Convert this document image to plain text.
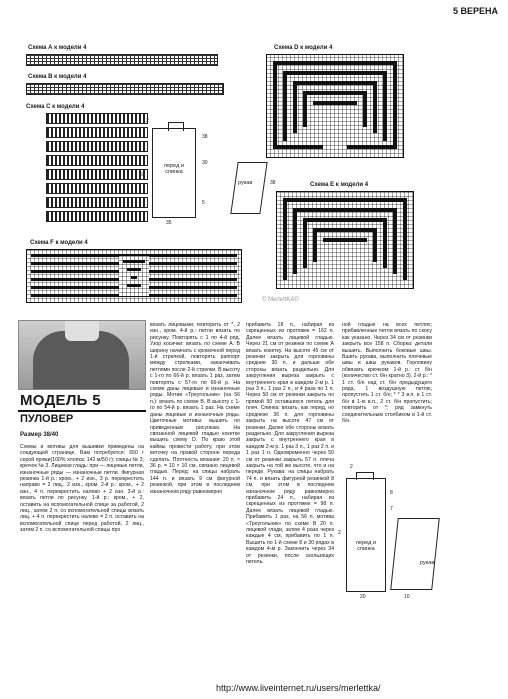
5 ВЕРЕНА
Схема А к модели 4
Схема В к модели 4
Схема С к модели 4
перед и спинка
рукав
2
38
30
67
5
35
38
Схема D к модели 4
Схема Е к модели 4
Схема F к модели 4
© MerlettKA©
МОДЕЛЬ 5
ПУЛОВЕР
Размер 38/40

Схемы и мотивы для вышивки приведены на следующей странице. Вам потребуется: 650 г серой пряжи(100% хлопка; 142 м/50 г); спицы № 3; крючок № 3. Лицевая гладь: при — лицевые петли, изнаночные ряды — изнаночные петли. Фигурная резинка 1-й р.: кром., + 2 изн., 3 р. перекрестить направо = 2 лиц., 2 изн., кром. 2-й р.: кром., + 2 изн., 4 п. перекрестить налево + 2 изн. 3-й р.: вязать петли по рисунку. 1-й р.: кром., + 2, оставить на вспомогательной спице за работой, 2 лиц., затем 2 п. со вспомогательной спицы вязать лиц. + 4 п. перекрестить налево = 2 п. оставить на вспомогательной спице перед работой, 2 лиц., затем 2 п. со вспомогательной спицы про

вязать лицевыми; повторить от *, 2 изн., кром. 4-й р.: петли вязать по рисунку. Повторять с 1 по 4-й ряд. Узор косички: вязать по схеме А. В ширину начинать с кромочной перед 1-й стрелкой, повторять раппорт между стрелками, заканчивать петлями после 2-й стрелки. В высоту с 1-го по 66-й р. вязать 1 раз, затем повторять с 57-го по 66-й р. На схеме даны лицевые и изнаночные ряды. Мотив «Треугольник» (на 56 п.): вязать по схеме В. В высоту с 1-го по 54-й р. вязать 1 раз. На схеме даны лицевые и изнаночные ряды. Цветочные мотивы: вышить по приведенным рисункам. На связанной лицевой гладью кокетке вышить схему D. По краю этой каймы провести работу, при этом веточку на правой стороне переда сделать. Плотность вязания: 20 п. × 36 р. = 10 × 10 см, связано лицевой гладью. Перед: на спицы набрать 144 п. и вязать 9 см фигурной резинкой, при этом в последнем изнаночном ряду равномерно

прибавить 18 п., набирая из скрещенных из протяжек = 162 п. Далее вязать лицевой гладью. Через 21 см от резинки по схеме А вязать кокетку. На высоте 45 см от резинки закрыть для горловины средние 30 п. и дальше обе стороны вязать раздельно. Для закругления выреза закрыть с внутреннего края в каждом 2-м р. 1 раз 3 п., 1 раз 2 п., и 4 раза по 1 п. Через 50 см от резинки закрыть по прямой 50 оставшихся петель для плеч. Спинка: вязать, как перед, но среднюю 36 п. для горловины закрыть на высоте 47 см от резинки. Далее обе стороны вязать раздельно. Для закругления выреза закрыть с внутреннего края в каждом 2-м р. 1 раз 3 п., 1 раз 2 п. и 1 раз 1 п. Одновременно через 50 см от резинки закрыть 57 п. плеча закрыть на той же высоте, что и на переде. Рукава: на спицы набрать 74 п. и вязать фигурной резинкой 8 см, при этом в последнем изнаночном ряду равномерно прибавить 24 п., набирая из скрещенных из протяжек = 98 п. Далее вязать лицевой гладью. Прибавить 1 раз, на 56 п. мотива «Треугольник» по схеме В 20 п. лицевой глади, затем 4 раза через каждые 4 см, прибавить по 1 п. Вышить по 1-й схеме 8 и 30 рядах в каждом 4-м р. Закончить через 34 от резинки, после скользящих петель.

ной гладью на всех петлях; прибавленные петли вязать по скосу как указано. Через 34 см от резинки закрыть все 158 п. Сборка: детали вышить. Выполнить боковые швы. Вшить рукава, выполнить плечевые швы и швы рукавов. Горловину обвязать крючком: 1-й р.: ст. б/н (количество ст. б/н кратно 3). 2-й р.: * 1 ст. б/н над ст. б/н предыдущего ряда, 1 воздушную петлю, пропустить 1 ст. б/н; * * 3 в.п. и 1 ст. б/н в 1-ю в.п., 2 ст. б/н пропустить; повторить от *; ряд замкнуть соединительным столбиком в 1-й ст. б/н.

перед и спинка
рукав
2
8
7
2
20	10
http://www.liveinternet.ru/users/merlettka/
